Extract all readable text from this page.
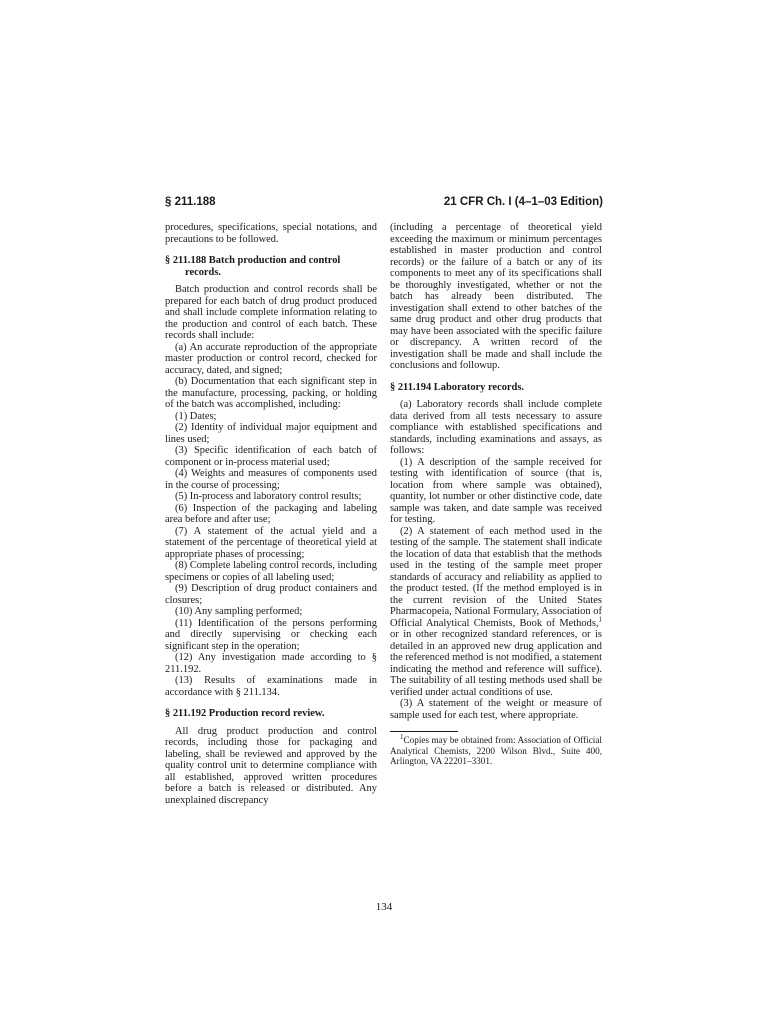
§ 211.188	21 CFR Ch. I (4–1–03 Edition)

procedures, specifications, special notations, and precautions to be followed.

§ 211.188 Batch production and control records.

Batch production and control records shall be prepared for each batch of drug product produced and shall include complete information relating to the production and control of each batch. These records shall include:

(a) An accurate reproduction of the appropriate master production or control record, checked for accuracy, dated, and signed;

(b) Documentation that each significant step in the manufacture, processing, packing, or holding of the batch was accomplished, including:

(1) Dates;

(2) Identity of individual major equipment and lines used;

(3) Specific identification of each batch of component or in-process material used;

(4) Weights and measures of components used in the course of processing;

(5) In-process and laboratory control results;

(6) Inspection of the packaging and labeling area before and after use;

(7) A statement of the actual yield and a statement of the percentage of theoretical yield at appropriate phases of processing;

(8) Complete labeling control records, including specimens or copies of all labeling used;

(9) Description of drug product containers and closures;

(10) Any sampling performed;

(11) Identification of the persons performing and directly supervising or checking each significant step in the operation;

(12) Any investigation made according to § 211.192.

(13) Results of examinations made in accordance with § 211.134.

§ 211.192 Production record review.

All drug product production and control records, including those for packaging and labeling, shall be reviewed and approved by the quality control unit to determine compliance with all established, approved written procedures before a batch is released or distributed. Any unexplained discrepancy

(including a percentage of theoretical yield exceeding the maximum or minimum percentages established in master production and control records) or the failure of a batch or any of its components to meet any of its specifications shall be thoroughly investigated, whether or not the batch has already been distributed. The investigation shall extend to other batches of the same drug product and other drug products that may have been associated with the specific failure or discrepancy. A written record of the investigation shall be made and shall include the conclusions and followup.

§ 211.194 Laboratory records.

(a) Laboratory records shall include complete data derived from all tests necessary to assure compliance with established specifications and standards, including examinations and assays, as follows:

(1) A description of the sample received for testing with identification of source (that is, location from where sample was obtained), quantity, lot number or other distinctive code, date sample was taken, and date sample was received for testing.

(2) A statement of each method used in the testing of the sample. The statement shall indicate the location of data that establish that the methods used in the testing of the sample meet proper standards of accuracy and reliability as applied to the product tested. (If the method employed is in the current revision of the United States Pharmacopeia, National Formulary, Association of Official Analytical Chemists, Book of Methods,$^1$ or in other recognized standard references, or is detailed in an approved new drug application and the referenced method is not modified, a statement indicating the method and reference will suffice). The suitability of all testing methods used shall be verified under actual conditions of use.

(3) A statement of the weight or measure of sample used for each test, where appropriate.

$^1$Copies may be obtained from: Association of Official Analytical Chemists, 2200 Wilson Blvd., Suite 400, Arlington, VA 22201–3301.

134
